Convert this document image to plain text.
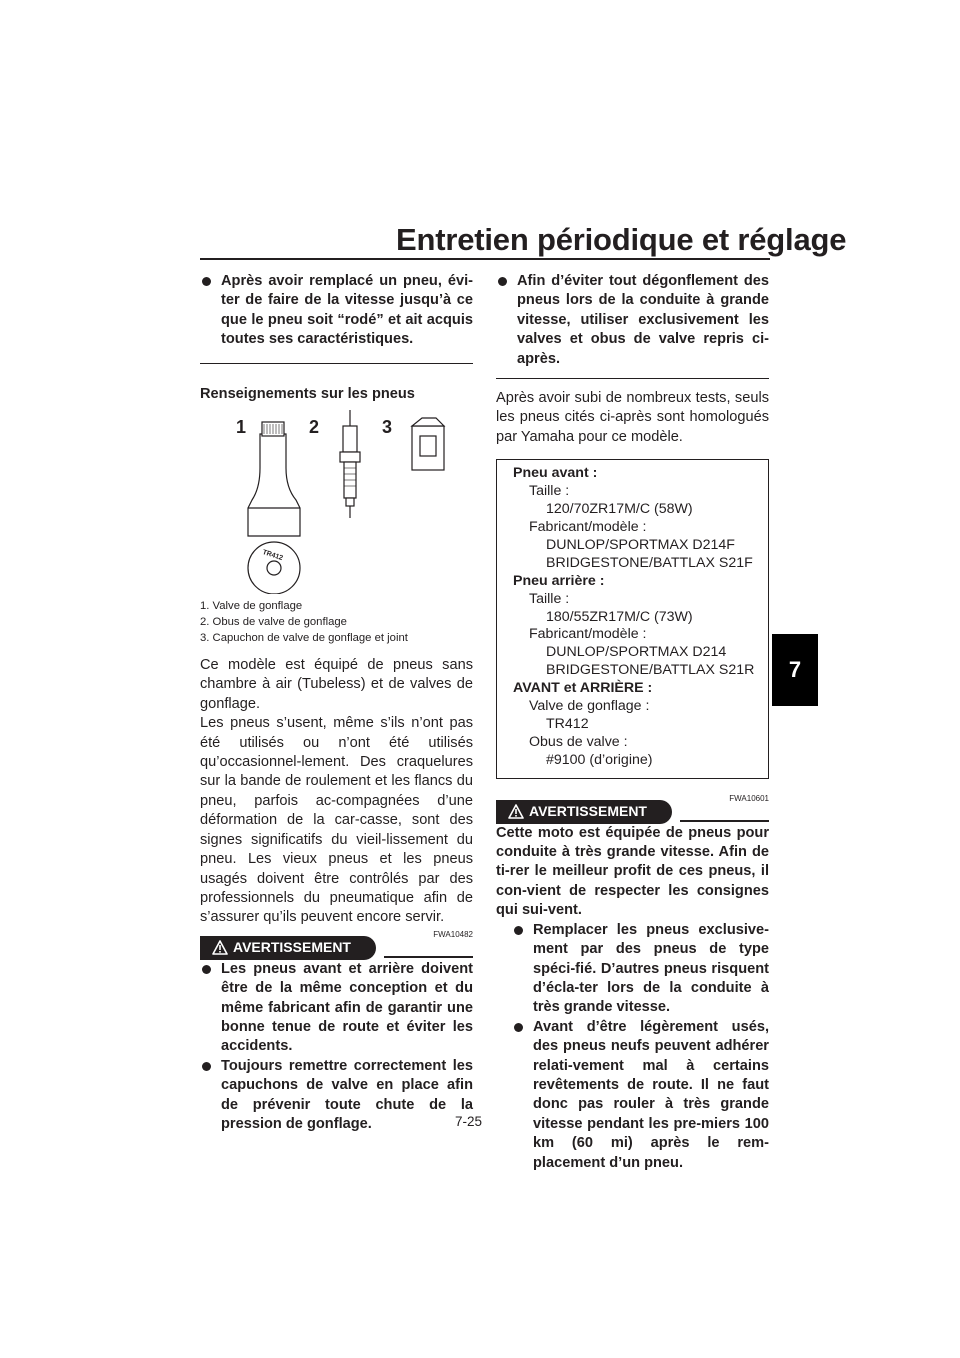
Entretien périodique et réglage
7
Après avoir remplacé un pneu, évi-ter de faire de la vitesse jusqu’à ce que le pneu soit “rodé” et ait acquis toutes ses caractéristiques.

Renseignements sur les pneus

1	2	3
TR412
1. Valve de gonflage
2. Obus de valve de gonflage
3. Capuchon de valve de gonflage et joint

Ce modèle est équipé de pneus sans chambre à air (Tubeless) et de valves de gonflage.

Les pneus s’usent, même s’ils n’ont pas été utilisés ou n’ont été utilisés qu’occasionnel-lement. Des craquelures sur la bande de roulement et les flancs du pneu, parfois ac-compagnées d’une déformation de la car-casse, sont des signes significatifs du vieil-lissement du pneu. Les vieux pneus et les pneus usagés doivent être contrôlés par des professionnels du pneumatique afin de s’assurer qu’ils peuvent encore servir.

AVERTISSEMENT
FWA10482
Les pneus avant et arrière doivent être de la même conception et du même fabricant afin de garantir une bonne tenue de route et éviter les accidents.
Toujours remettre correctement les capuchons de valve en place afin de prévenir toute chute de la pression de gonflage.
Afin d’éviter tout dégonflement des pneus lors de la conduite à grande vitesse, utiliser exclusivement les valves et obus de valve repris ci-après.

Après avoir subi de nombreux tests, seuls les pneus cités ci-après sont homologués par Yamaha pour ce modèle.

Pneu avant :
Taille :
120/70ZR17M/C (58W)
Fabricant/modèle :
DUNLOP/SPORTMAX D214F
BRIDGESTONE/BATTLAX S21F
Pneu arrière :
Taille :
180/55ZR17M/C (73W)
Fabricant/modèle :
DUNLOP/SPORTMAX D214
BRIDGESTONE/BATTLAX S21R
AVANT et ARRIÈRE :
Valve de gonflage :
TR412
Obus de valve :
#9100 (d’origine)
AVERTISSEMENT
FWA10601

Cette moto est équipée de pneus pour conduite à très grande vitesse. Afin de ti-rer le meilleur profit de ces pneus, il con-vient de respecter les consignes qui sui-vent.

Remplacer les pneus exclusive-ment par des pneus de type spéci-fié. D’autres pneus risquent d’écla-ter lors de la conduite à très grande vitesse.
Avant d’être légèrement usés, des pneus neufs peuvent adhérer relati-vement mal à certains revêtements de route. Il ne faut donc pas rouler à très grande vitesse pendant les pre-miers 100 km (60 mi) après le rem-placement d’un pneu.
7-25
